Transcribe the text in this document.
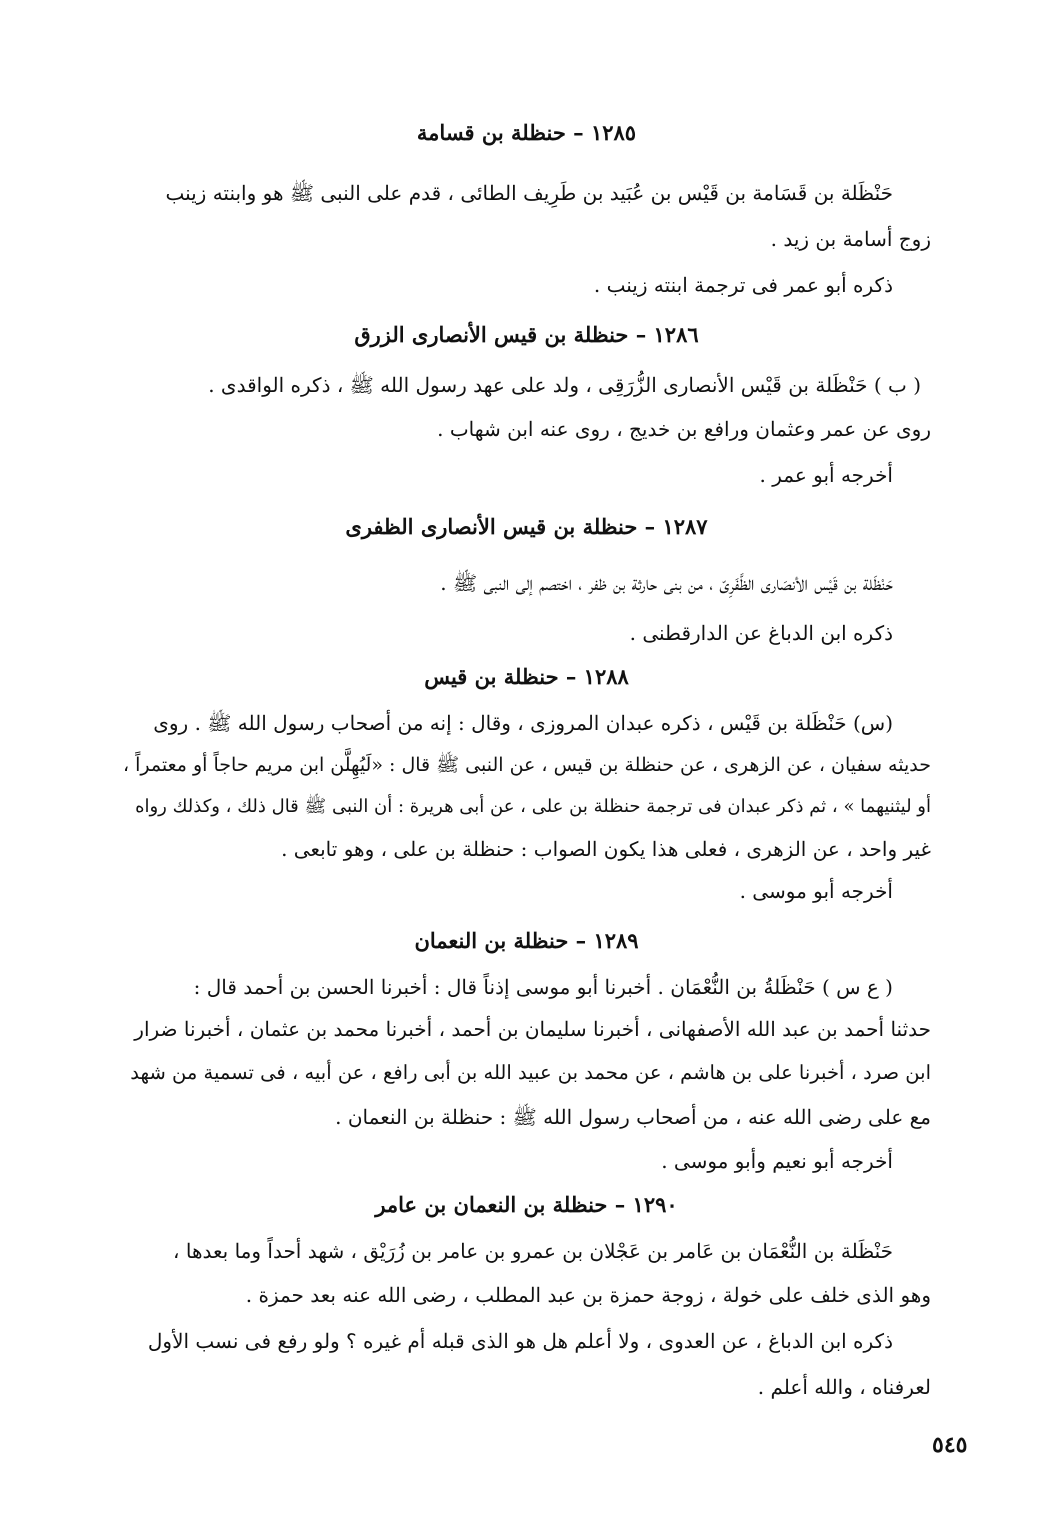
١٢٨٥ – حنظلة بن قسامة
حَنْظَلة بن قَسَامة بن قَيْس بن عُبَيد بن طَرِيف الطائى ، قدم على النبى ﷺ هو وابنته زينب
زوج أسامة بن زيد .
ذكره أبو عمر فى ترجمة ابنته زينب .
١٢٨٦ – حنظلة بن قيس الأنصارى الزرق
( ب ) حَنْظَلة بن قَيْس الأنصارى الزُّرَقِى ، ولد على عهد رسول الله ﷺ ، ذكره الواقدى .
روى عن عمر وعثمان ورافع بن خديج ، روى عنه ابن شهاب .
أخرجه أبو عمر .
١٢٨٧ – حنظلة بن قيس الأنصارى الظفرى
حَنْظَلة بن قَيْس الأنصَارى الظَّفَرِىّ ، من بنى حارثة بن ظفر ، اختصم إلى النبى ﷺ .
ذكره ابن الدباغ عن الدارقطنى .
١٢٨٨ – حنظلة بن قيس
(س) حَنْظَلة بن قَيْس ، ذكره عبدان المروزى ، وقال : إنه من أصحاب رسول الله ﷺ . روى
حديثه سفيان ، عن الزهرى ، عن حنظلة بن قيس ، عن النبى ﷺ قال : «لَيُهِلَّن ابن مريم حاجاً أو معتمراً ،
أو ليثنيهما » ، ثم ذكر عبدان فى ترجمة حنظلة بن على ، عن أبى هريرة : أن النبى ﷺ قال ذلك ، وكذلك رواه
غير واحد ، عن الزهرى ، فعلى هذا يكون الصواب : حنظلة بن على ، وهو تابعى .
أخرجه أبو موسى .
١٢٨٩ – حنظلة بن النعمان
( ع س ) حَنْظَلةُ بن النُّعْمَان . أخبرنا أبو موسى إذناً قال : أخبرنا الحسن بن أحمد قال :
حدثنا أحمد بن عبد الله الأصفهانى ، أخبرنا سليمان بن أحمد ، أخبرنا محمد بن عثمان ، أخبرنا ضرار
ابن صرد ، أخبرنا على بن هاشم ، عن محمد بن عبيد الله بن أبى رافع ، عن أبيه ، فى تسمية من شهد
مع على رضى الله عنه ، من أصحاب رسول الله ﷺ : حنظلة بن النعمان .
أخرجه أبو نعيم وأبو موسى .
١٢٩٠ – حنظلة بن النعمان بن عامر
حَنْظَلة بن النُّعْمَان بن عَامر بن عَجْلان بن عمرو بن عامر بن زُرَيْق ، شهد أحداً وما بعدها ،
وهو الذى خلف على خولة ، زوجة حمزة بن عبد المطلب ، رضى الله عنه بعد حمزة .
ذكره ابن الدباغ ، عن العدوى ، ولا أعلم هل هو الذى قبله أم غيره ؟ ولو رفع فى نسب الأول
لعرفناه ، والله أعلم .
٥٤٥
